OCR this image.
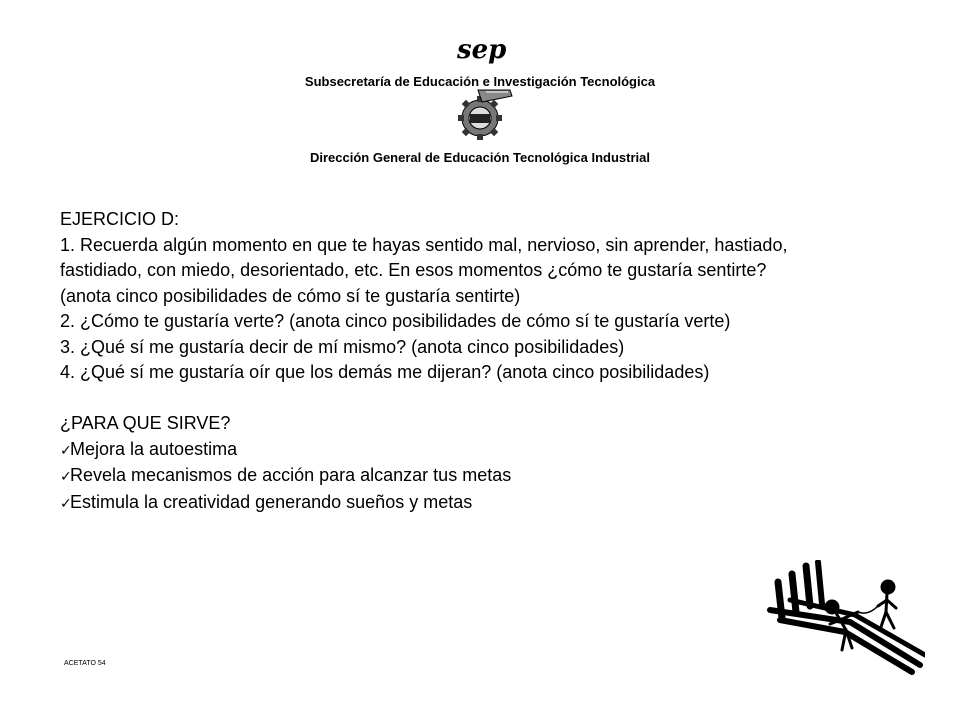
sep
Subsecretaría de Educación e Investigación Tecnológica
Dirección General de Educación Tecnológica Industrial

EJERCICIO D:

1. Recuerda algún momento en que te hayas sentido mal, nervioso, sin aprender, hastiado,

fastidiado, con miedo, desorientado, etc. En esos momentos ¿cómo te gustaría sentirte?

(anota cinco posibilidades de cómo sí te gustaría sentirte)

2. ¿Cómo te gustaría verte? (anota cinco posibilidades de cómo sí te gustaría verte)

3. ¿Qué sí me gustaría decir de mí mismo? (anota cinco posibilidades)

4. ¿Qué sí me gustaría oír que los demás me dijeran? (anota cinco posibilidades)

¿PARA QUE SIRVE?

✓Mejora la autoestima
✓Revela mecanismos de acción para alcanzar tus metas
✓Estimula la creatividad generando sueños y metas
ACETATO 54
